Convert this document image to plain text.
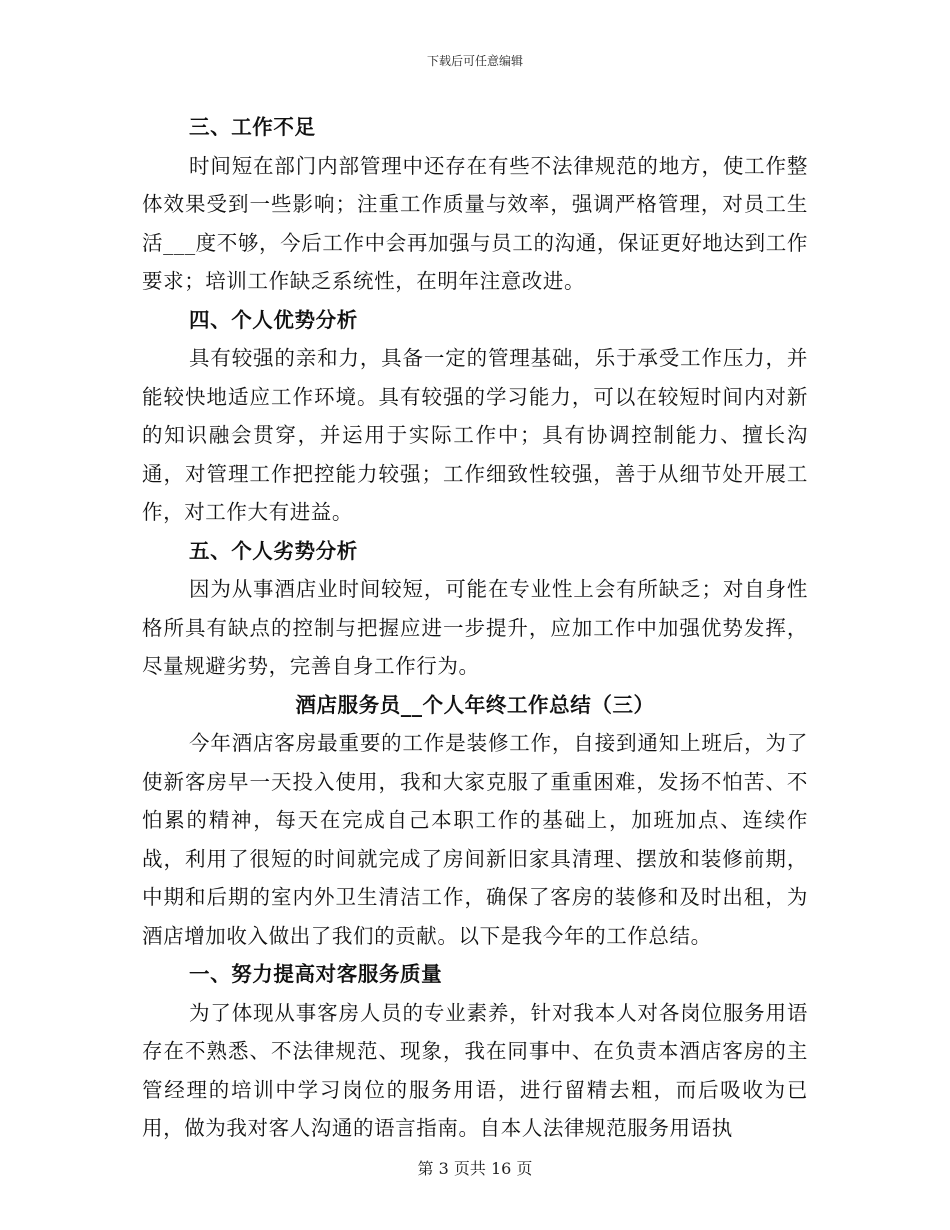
下载后可任意编辑
三、工作不足

时间短在部门内部管理中还存在有些不法律规范的地方，使工作整体效果受到一些影响；注重工作质量与效率，强调严格管理，对员工生活___度不够，今后工作中会再加强与员工的沟通，保证更好地达到工作要求；培训工作缺乏系统性，在明年注意改进。

四、个人优势分析

具有较强的亲和力，具备一定的管理基础，乐于承受工作压力，并能较快地适应工作环境。具有较强的学习能力，可以在较短时间内对新的知识融会贯穿，并运用于实际工作中；具有协调控制能力、擅长沟通，对管理工作把控能力较强；工作细致性较强，善于从细节处开展工作，对工作大有进益。

五、个人劣势分析

因为从事酒店业时间较短，可能在专业性上会有所缺乏；对自身性格所具有缺点的控制与把握应进一步提升，应加工作中加强优势发挥，尽量规避劣势，完善自身工作行为。

酒店服务员__个人年终工作总结（三）

今年酒店客房最重要的工作是装修工作，自接到通知上班后，为了使新客房早一天投入使用，我和大家克服了重重困难，发扬不怕苦、不怕累的精神，每天在完成自己本职工作的基础上，加班加点、连续作战，利用了很短的时间就完成了房间新旧家具清理、摆放和装修前期，中期和后期的室内外卫生清洁工作，确保了客房的装修和及时出租，为酒店增加收入做出了我们的贡献。以下是我今年的工作总结。

一、努力提高对客服务质量

为了体现从事客房人员的专业素养，针对我本人对各岗位服务用语存在不熟悉、不法律规范、现象，我在同事中、在负责本酒店客房的主管经理的培训中学习岗位的服务用语，进行留精去粗，而后吸收为已用，做为我对客人沟通的语言指南。自本人法律规范服务用语执

第 3 页共 16 页
